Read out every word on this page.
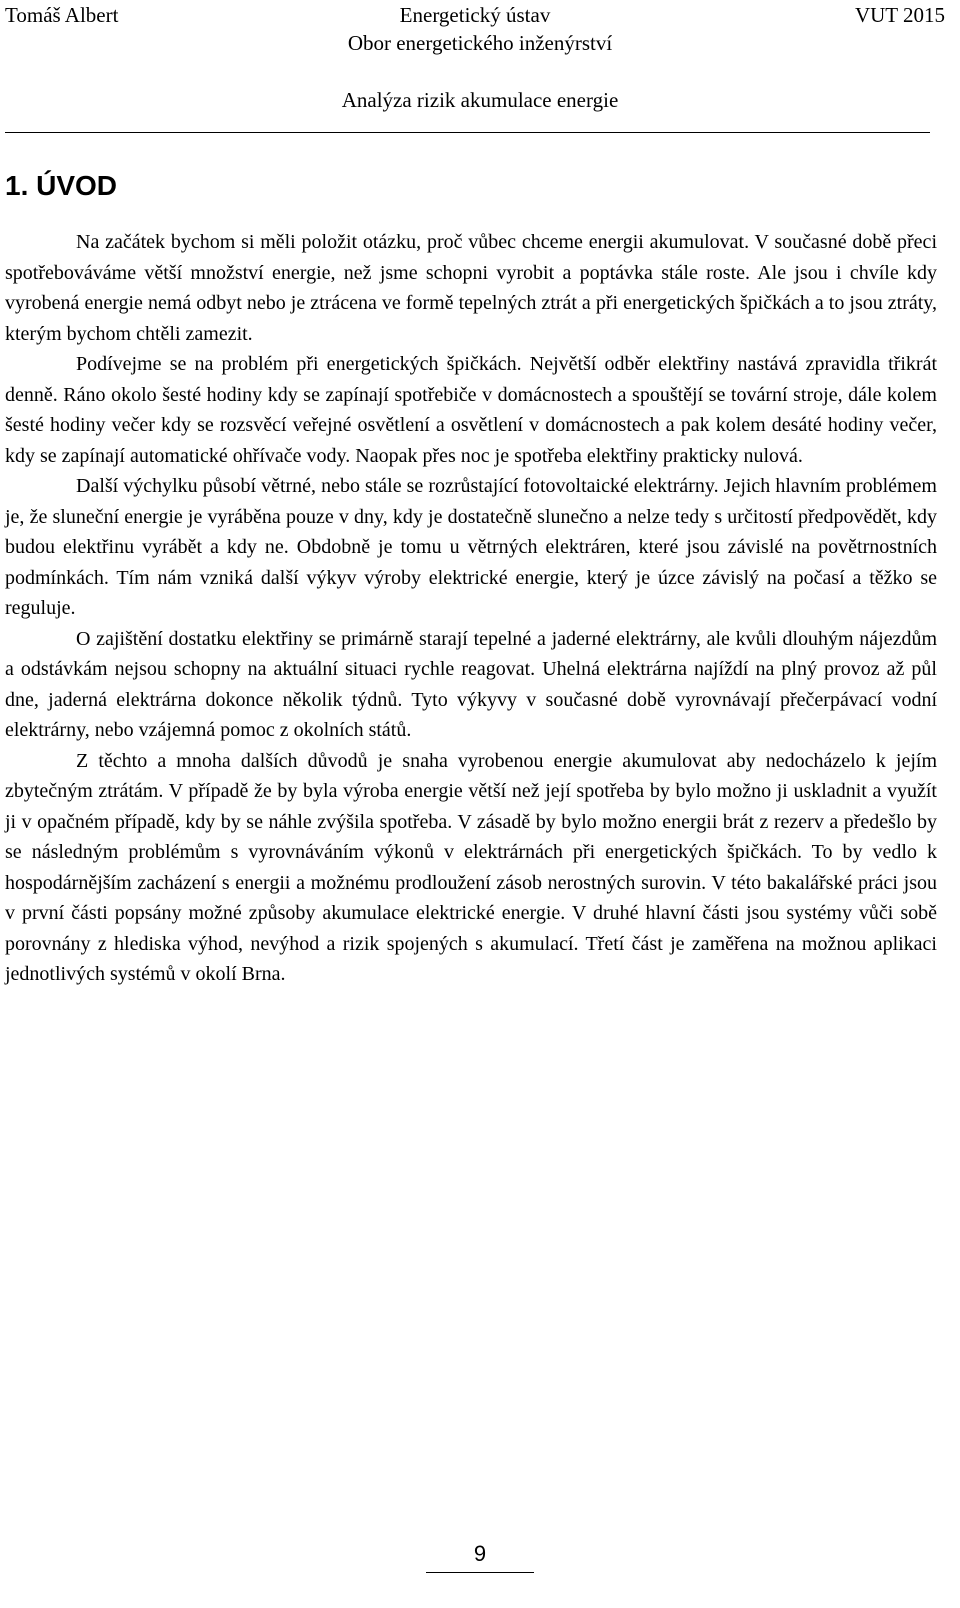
Energetický ústav
Tomáš Albert	VUT 2015
Obor energetického inženýrství
Analýza rizik akumulace energie
1. ÚVOD

Na začátek bychom si měli položit otázku, proč vůbec chceme energii akumulovat. V současné době přeci spotřebováváme větší množství energie, než jsme schopni vyrobit a poptávka stále roste. Ale jsou i chvíle kdy vyrobená energie nemá odbyt nebo je ztrácena ve formě tepelných ztrát a při energetických špičkách a to jsou ztráty, kterým bychom chtěli zamezit.

Podívejme se na problém při energetických špičkách. Největší odběr elektřiny nastává zpravidla třikrát denně. Ráno okolo šesté hodiny kdy se zapínají spotřebiče v domácnostech a spouštějí se tovární stroje, dále kolem šesté hodiny večer kdy se rozsvěcí veřejné osvětlení a osvětlení v domácnostech a pak kolem desáté hodiny večer, kdy se zapínají automatické ohřívače vody. Naopak přes noc je spotřeba elektřiny prakticky nulová.

Další výchylku působí větrné, nebo stále se rozrůstající fotovoltaické elektrárny. Jejich hlavním problémem je, že sluneční energie je vyráběna pouze v dny, kdy je dostatečně slunečno a nelze tedy s určitostí předpovědět, kdy budou elektřinu vyrábět a kdy ne. Obdobně je tomu u větrných elektráren, které jsou závislé na povětrnostních podmínkách. Tím nám vzniká další výkyv výroby elektrické energie, který je úzce závislý na počasí a těžko se reguluje.

O zajištění dostatku elektřiny se primárně starají tepelné a jaderné elektrárny, ale kvůli dlouhým nájezdům a odstávkám nejsou schopny na aktuální situaci rychle reagovat. Uhelná elektrárna najíždí na plný provoz až půl dne, jaderná elektrárna dokonce několik týdnů. Tyto výkyvy v současné době vyrovnávají přečerpávací vodní elektrárny, nebo vzájemná pomoc z okolních států.

Z těchto a mnoha dalších důvodů je snaha vyrobenou energie akumulovat aby nedocházelo k jejím zbytečným ztrátám. V případě že by byla výroba energie větší než její spotřeba by bylo možno ji uskladnit a využít ji v opačném případě, kdy by se náhle zvýšila spotřeba. V zásadě by bylo možno energii brát z rezerv a předešlo by se následným problémům s vyrovnáváním výkonů v elektrárnách při energetických špičkách. To by vedlo k hospodárnějším zacházení s energii a možnému prodloužení zásob nerostných surovin. V této bakalářské práci jsou v první části popsány možné způsoby akumulace elektrické energie. V druhé hlavní části jsou systémy vůči sobě porovnány z hlediska výhod, nevýhod a rizik spojených s akumulací. Třetí část je zaměřena na možnou aplikaci jednotlivých systémů v okolí Brna.

9
